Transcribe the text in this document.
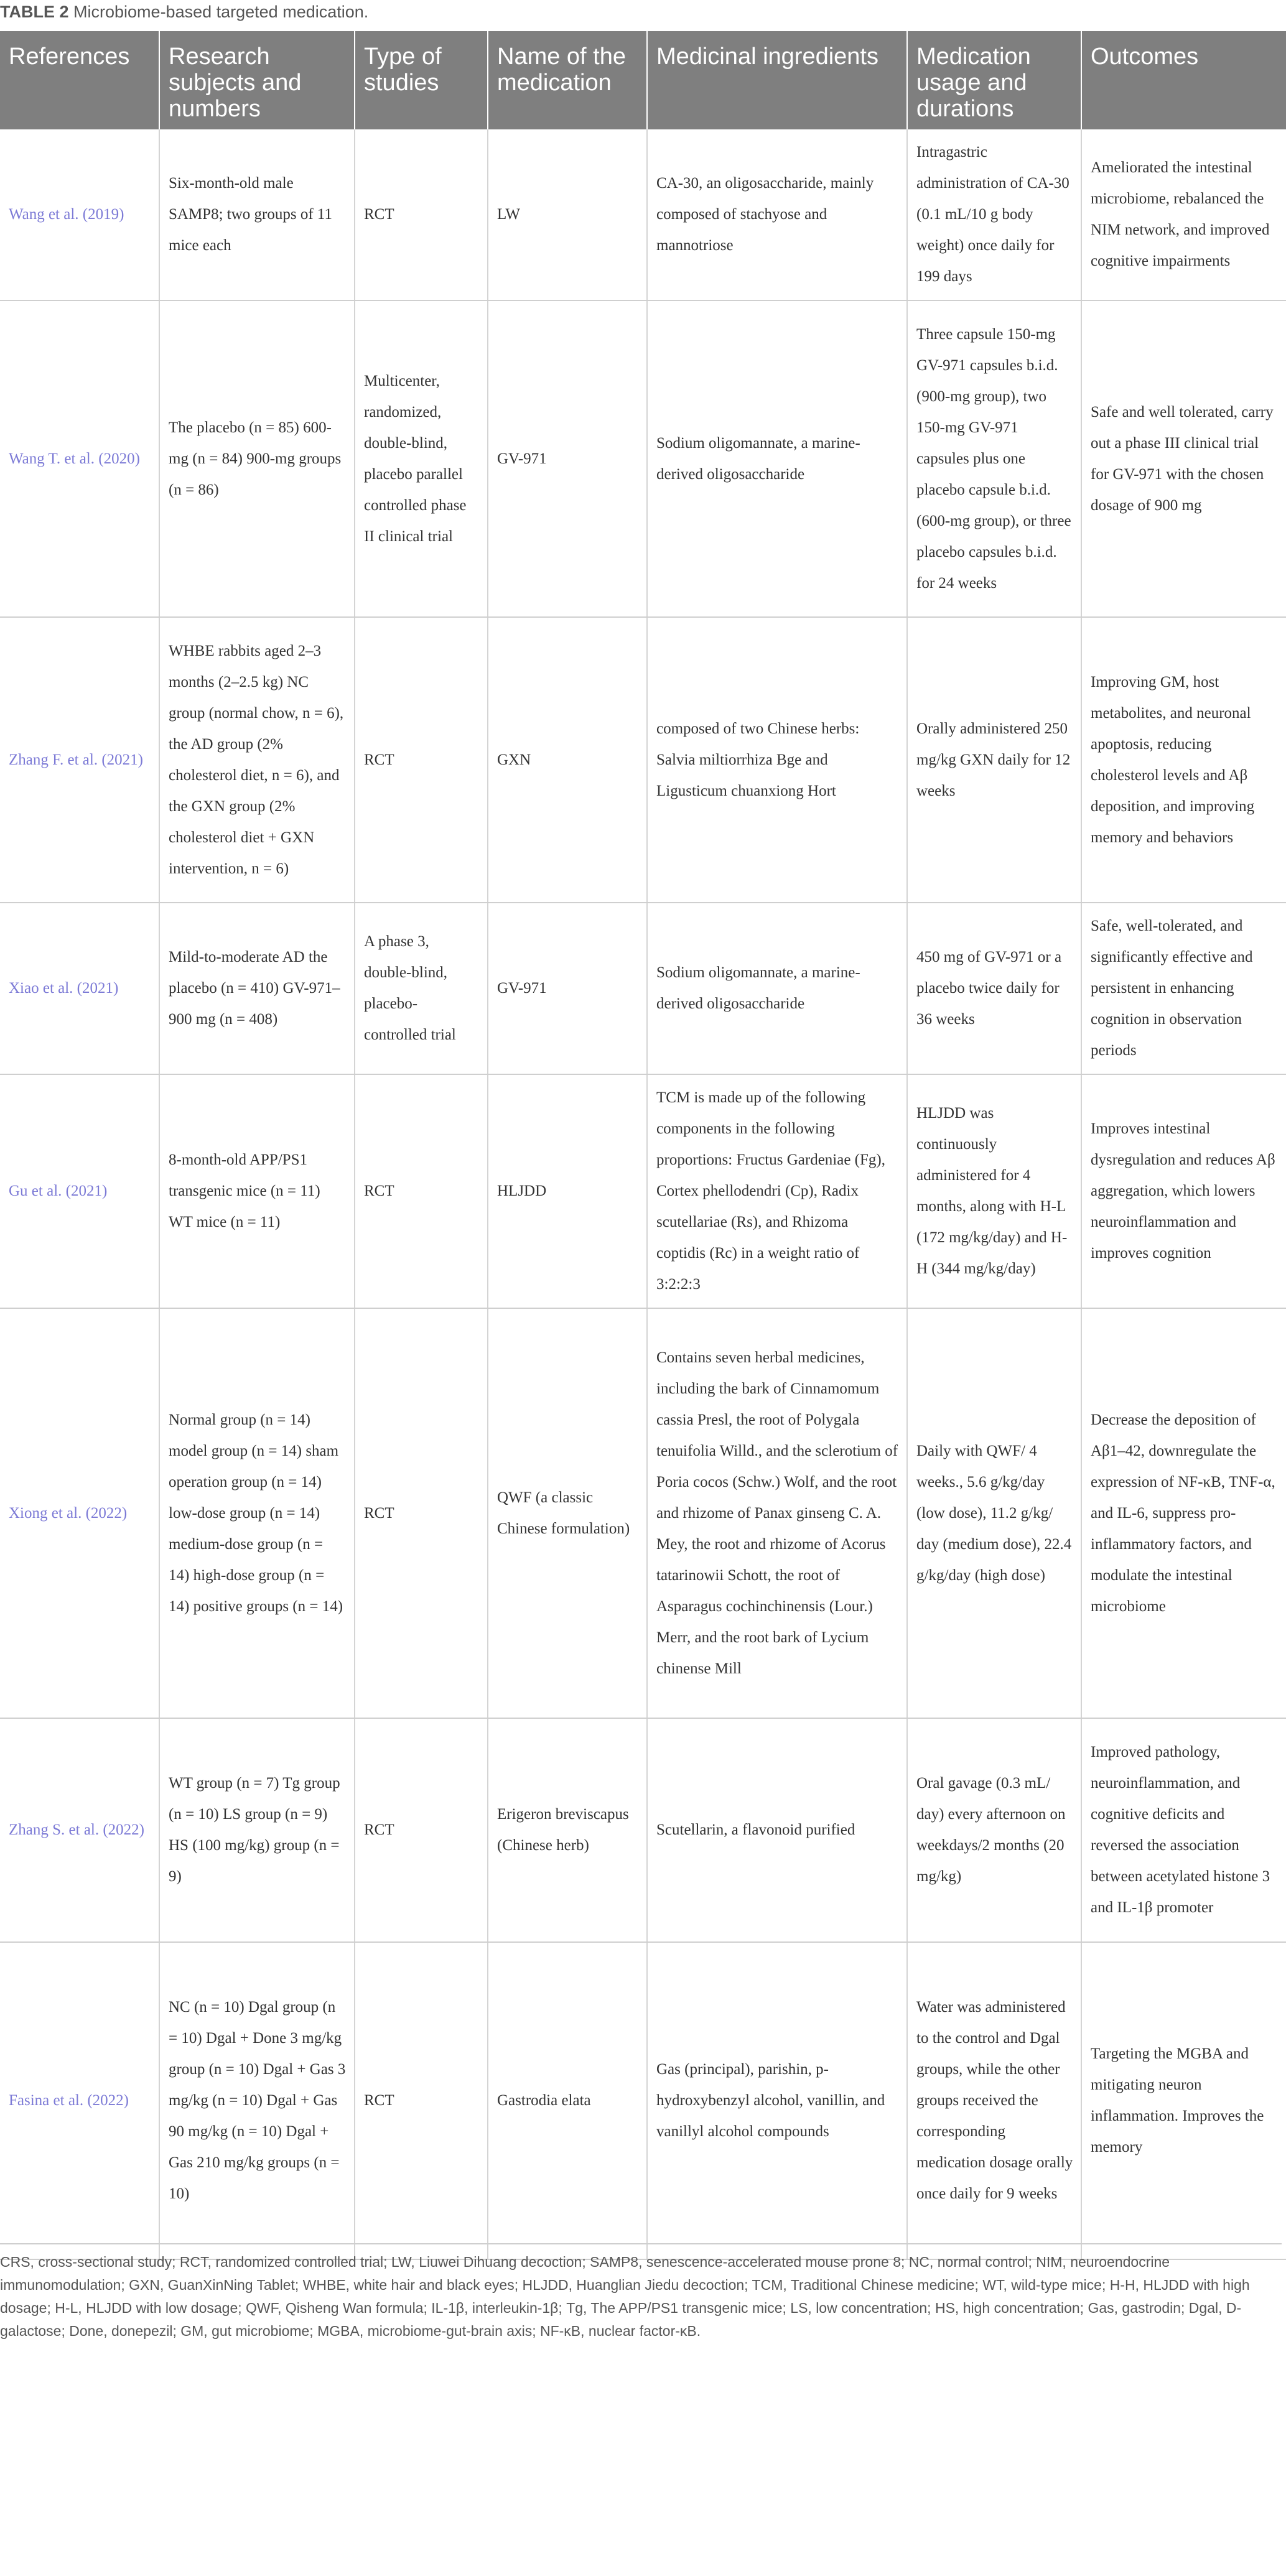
TABLE 2 Microbiome-based targeted medication.
References	Research subjects and numbers	Type of studies	Name of the medication	Medicinal ingredients	Medication usage and durations	Outcomes
Wang et al. (2019)	Six-month-old male SAMP8; two groups of 11 mice each	RCT	LW	CA-30, an oligosaccharide, mainly composed of stachyose and mannotriose	Intragastric administration of CA-30 (0.1 mL/10 g body weight) once daily for 199 days	Ameliorated the intestinal microbiome, rebalanced the NIM network, and improved cognitive impairments
Wang T. et al. (2020)	The placebo (n = 85) 600-mg (n = 84) 900-mg groups (n = 86)	Multicenter, randomized, double-blind, placebo parallel controlled phase II clinical trial	GV-971	Sodium oligomannate, a marine-derived oligosaccharide	Three capsule 150-mg GV-971 capsules b.i.d. (900-mg group), two 150-mg GV-971 capsules plus one placebo capsule b.i.d. (600-mg group), or three placebo capsules b.i.d. for 24 weeks	Safe and well tolerated, carry out a phase III clinical trial for GV-971 with the chosen dosage of 900 mg
Zhang F. et al. (2021)	WHBE rabbits aged 2–3 months (2–2.5 kg) NC group (normal chow, n = 6), the AD group (2% cholesterol diet, n = 6), and the GXN group (2% cholesterol diet + GXN intervention, n = 6)	RCT	GXN	composed of two Chinese herbs: Salvia miltiorrhiza Bge and Ligusticum chuanxiong Hort	Orally administered 250 mg/kg GXN daily for 12 weeks	Improving GM, host metabolites, and neuronal apoptosis, reducing cholesterol levels and Aβ deposition, and improving memory and behaviors
Xiao et al. (2021)	Mild-to-moderate AD the placebo (n = 410) GV-971–900 mg (n = 408)	A phase 3, double-blind, placebo-controlled trial	GV-971	Sodium oligomannate, a marine-derived oligosaccharide	450 mg of GV-971 or a placebo twice daily for 36 weeks	Safe, well-tolerated, and significantly effective and persistent in enhancing cognition in observation periods
Gu et al. (2021)	8-month-old APP/PS1 transgenic mice (n = 11) WT mice (n = 11)	RCT	HLJDD	TCM is made up of the following components in the following proportions: Fructus Gardeniae (Fg), Cortex phellodendri (Cp), Radix scutellariae (Rs), and Rhizoma coptidis (Rc) in a weight ratio of 3:2:2:3	HLJDD was continuously administered for 4 months, along with H-L (172 mg/kg/day) and H-H (344 mg/kg/day)	Improves intestinal dysregulation and reduces Aβ aggregation, which lowers neuroinflammation and improves cognition
Xiong et al. (2022)	Normal group (n = 14) model group (n = 14) sham operation group (n = 14) low-dose group (n = 14) medium-dose group (n = 14) high-dose group (n = 14) positive groups (n = 14)	RCT	QWF (a classic Chinese formulation)	Contains seven herbal medicines, including the bark of Cinnamomum cassia Presl, the root of Polygala tenuifolia Willd., and the sclerotium of Poria cocos (Schw.) Wolf, and the root and rhizome of Panax ginseng C. A. Mey, the root and rhizome of Acorus tatarinowii Schott, the root of Asparagus cochinchinensis (Lour.) Merr, and the root bark of Lycium chinense Mill	Daily with QWF/ 4 weeks., 5.6 g/kg/day (low dose), 11.2 g/kg/ day (medium dose), 22.4 g/kg/day (high dose)	Decrease the deposition of Aβ1–42, downregulate the expression of NF-κB, TNF-α, and IL-6, suppress pro-inflammatory factors, and modulate the intestinal microbiome
Zhang S. et al. (2022)	WT group (n = 7) Tg group (n = 10) LS group (n = 9) HS (100 mg/kg) group (n = 9)	RCT	Erigeron breviscapus (Chinese herb)	Scutellarin, a flavonoid purified	Oral gavage (0.3 mL/ day) every afternoon on weekdays/2 months (20 mg/kg)	Improved pathology, neuroinflammation, and cognitive deficits and reversed the association between acetylated histone 3 and IL-1β promoter
Fasina et al. (2022)	NC (n = 10) Dgal group (n = 10) Dgal + Done 3 mg/kg group (n = 10) Dgal + Gas 3 mg/kg (n = 10) Dgal + Gas 90 mg/kg (n = 10) Dgal + Gas 210 mg/kg groups (n = 10)	RCT	Gastrodia elata	Gas (principal), parishin, p-hydroxybenzyl alcohol, vanillin, and vanillyl alcohol compounds	Water was administered to the control and Dgal groups, while the other groups received the corresponding medication dosage orally once daily for 9 weeks	Targeting the MGBA and mitigating neuron inflammation. Improves the memory
CRS, cross-sectional study; RCT, randomized controlled trial; LW, Liuwei Dihuang decoction; SAMP8, senescence-accelerated mouse prone 8; NC, normal control; NIM, neuroendocrine immunomodulation; GXN, GuanXinNing Tablet; WHBE, white hair and black eyes; HLJDD, Huanglian Jiedu decoction; TCM, Traditional Chinese medicine; WT, wild-type mice; H-H, HLJDD with high dosage; H-L, HLJDD with low dosage; QWF, Qisheng Wan formula; IL-1β, interleukin-1β; Tg, The APP/PS1 transgenic mice; LS, low concentration; HS, high concentration; Gas, gastrodin; Dgal, D-galactose; Done, donepezil; GM, gut microbiome; MGBA, microbiome-gut-brain axis; NF-κB, nuclear factor-κB.
